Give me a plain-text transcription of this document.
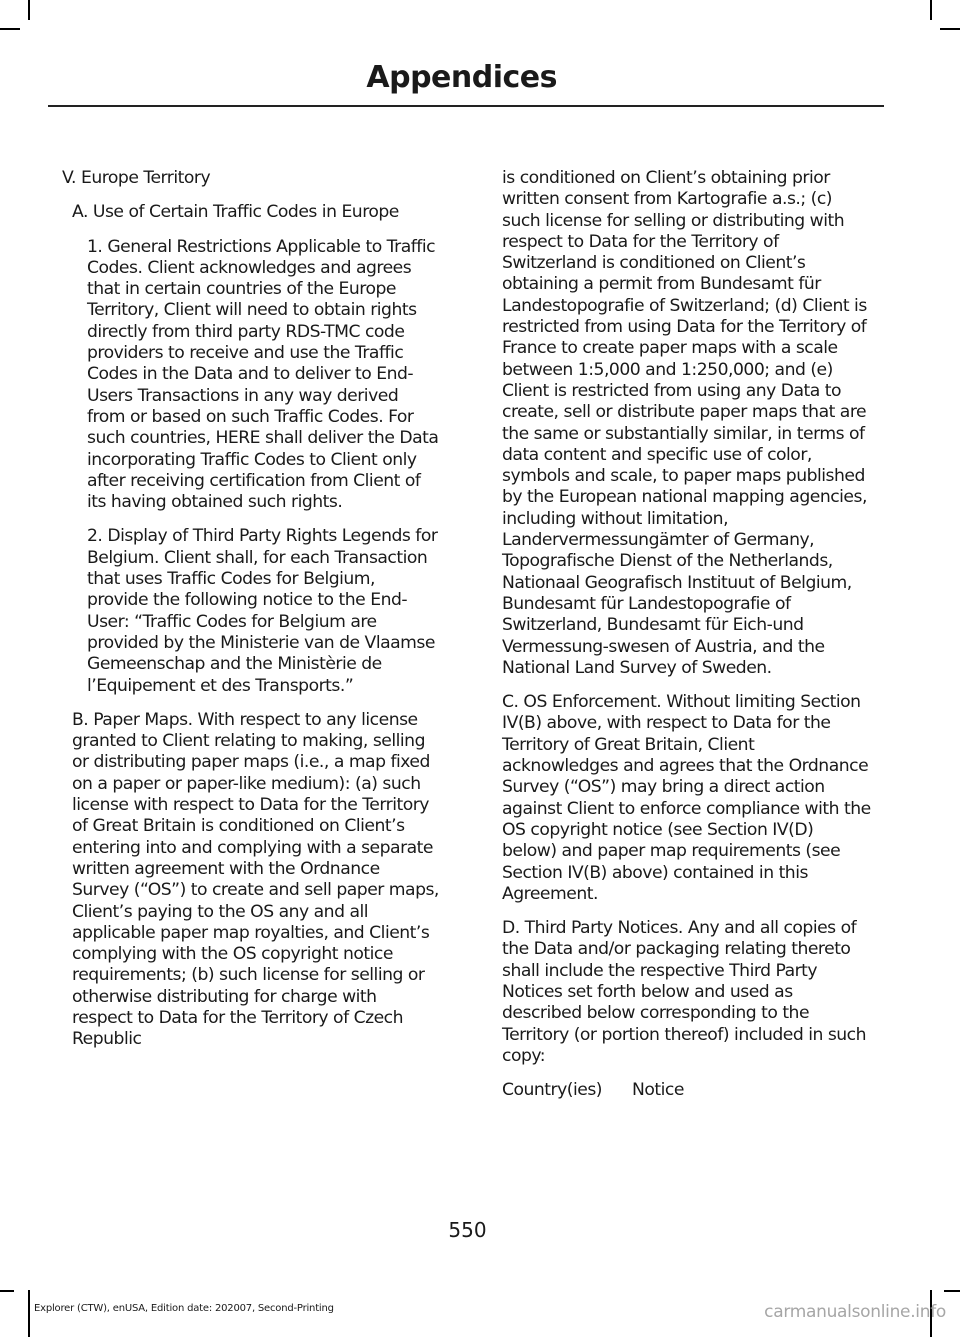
Appendices

V. Europe Territory

A. Use of Certain Traffic Codes in Europe

1. General Restrictions Applicable to Traffic Codes. Client acknowledges and agrees that in certain countries of the Europe Territory, Client will need to obtain rights directly from third party RDS-TMC code providers to receive and use the Traffic Codes in the Data and to deliver to End-Users Transactions in any way derived from or based on such Traffic Codes. For such countries, HERE shall deliver the Data incorporating Traffic Codes to Client only after receiving certification from Client of its having obtained such rights.

2. Display of Third Party Rights Legends for Belgium. Client shall, for each Transaction that uses Traffic Codes for Belgium, provide the following notice to the End-User: “Traffic Codes for Belgium are provided by the Ministerie van de Vlaamse Gemeenschap and the Ministèrie de l’Equipement et des Transports.”

B. Paper Maps. With respect to any license granted to Client relating to making, selling or distributing paper maps (i.e., a map fixed on a paper or paper-like medium): (a) such license with respect to Data for the Territory of Great Britain is conditioned on Client’s entering into and complying with a separate written agreement with the Ordnance Survey (“OS”) to create and sell paper maps, Client’s paying to the OS any and all applicable paper map royalties, and Client’s complying with the OS copyright notice requirements; (b) such license for selling or otherwise distributing for charge with respect to Data for the Territory of Czech Republic

is conditioned on Client’s obtaining prior written consent from Kartografie a.s.; (c) such license for selling or distributing with respect to Data for the Territory of Switzerland is conditioned on Client’s obtaining a permit from Bundesamt für Landestopografie of Switzerland; (d) Client is restricted from using Data for the Territory of France to create paper maps with a scale between 1:5,000 and 1:250,000; and (e) Client is restricted from using any Data to create, sell or distribute paper maps that are the same or substantially similar, in terms of data content and specific use of color, symbols and scale, to paper maps published by the European national mapping agencies, including without limitation, Landervermessungämter of Germany, Topografische Dienst of the Netherlands, Nationaal Geografisch Instituut of Belgium, Bundesamt für Landestopografie of Switzerland, Bundesamt für Eich-und Vermessung-swesen of Austria, and the National Land Survey of Sweden.

C. OS Enforcement. Without limiting Section IV(B) above, with respect to Data for the Territory of Great Britain, Client acknowledges and agrees that the Ordnance Survey (“OS”) may bring a direct action against Client to enforce compliance with the OS copyright notice (see Section IV(D) below) and paper map requirements (see Section IV(B) above) contained in this Agreement.

D. Third Party Notices. Any and all copies of the Data and/or packaging relating thereto shall include the respective Third Party Notices set forth below and used as described below corresponding to the Territory (or portion thereof) included in such copy:

Country(ies) Notice

550
Explorer (CTW), enUSA, Edition date: 202007, Second-Printing	carmanualsonline.info
